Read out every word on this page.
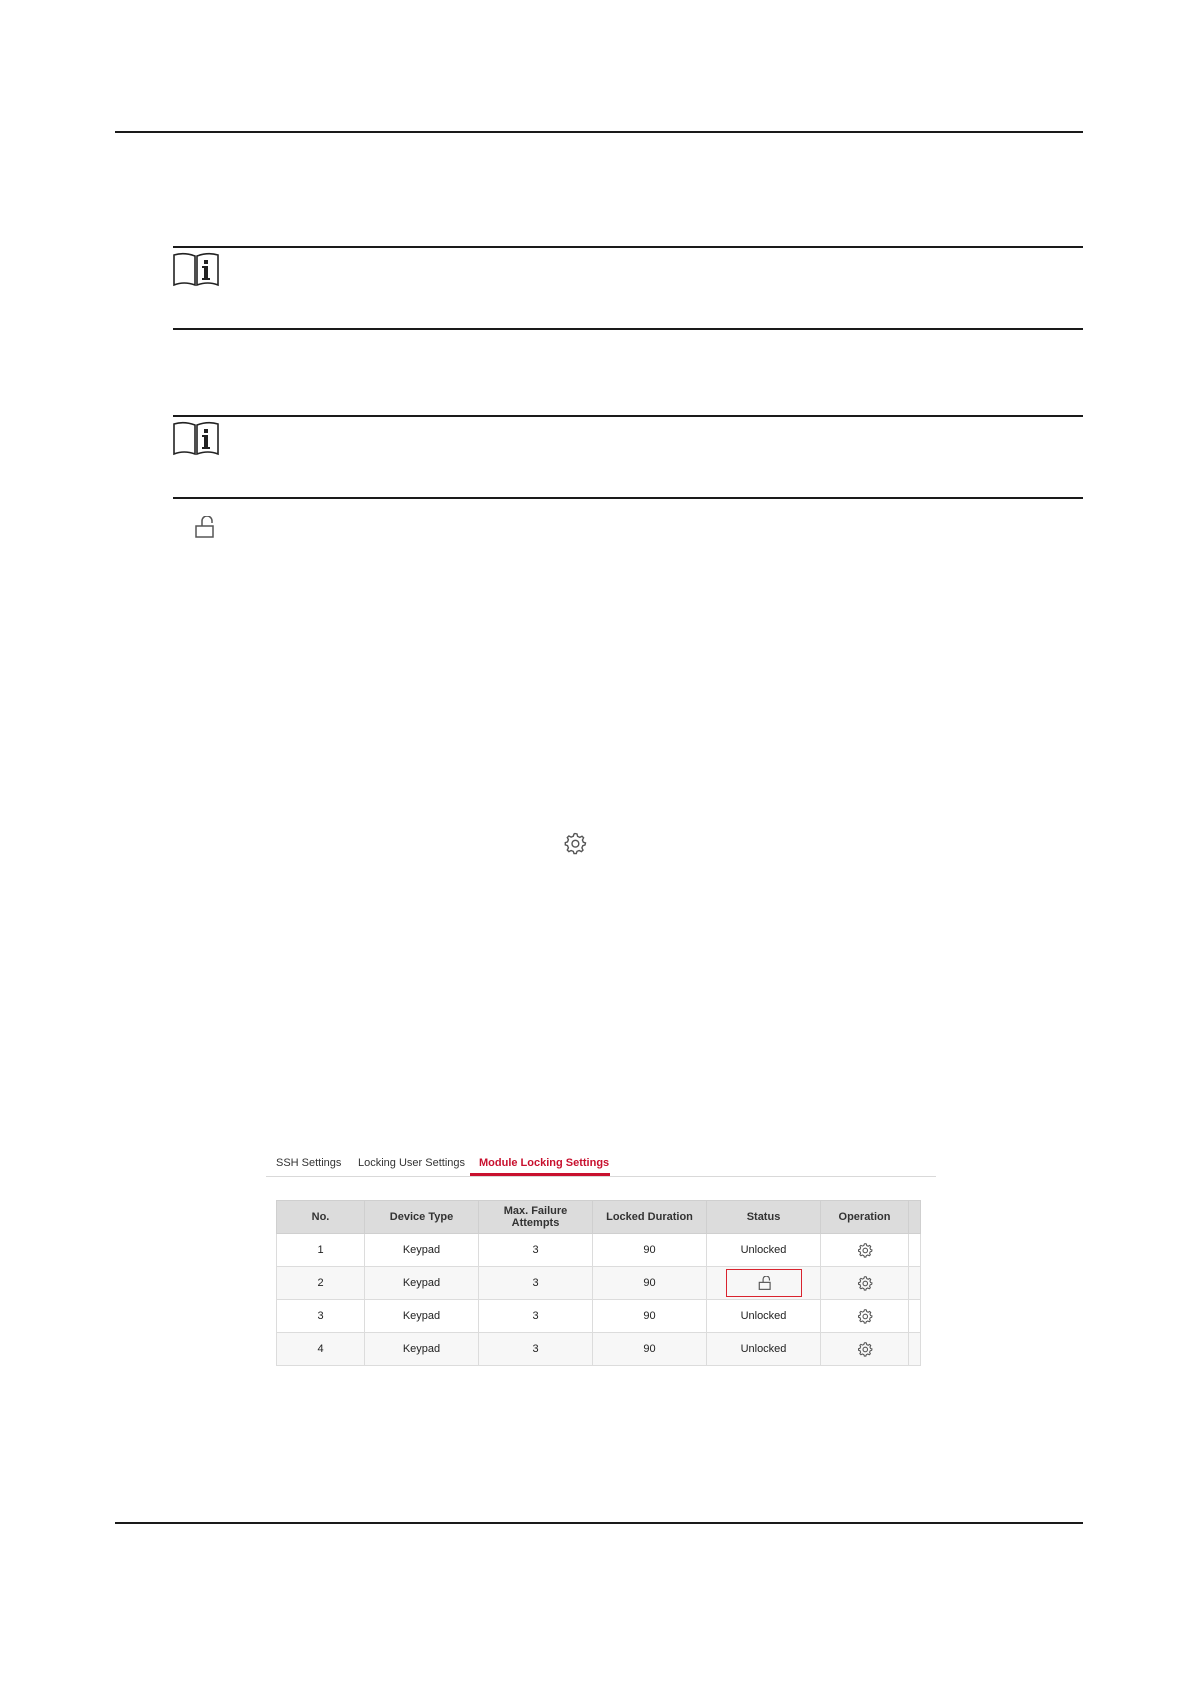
SSH Settings Locking User Settings Module Locking Settings
No.	Device Type	Max. Failure Attempts	Locked Duration	Status	Operation	
1	Keypad	3	90	Unlocked		
2	Keypad	3	90	

3	Keypad	3	90	Unlocked		
4	Keypad	3	90	Unlocked		
